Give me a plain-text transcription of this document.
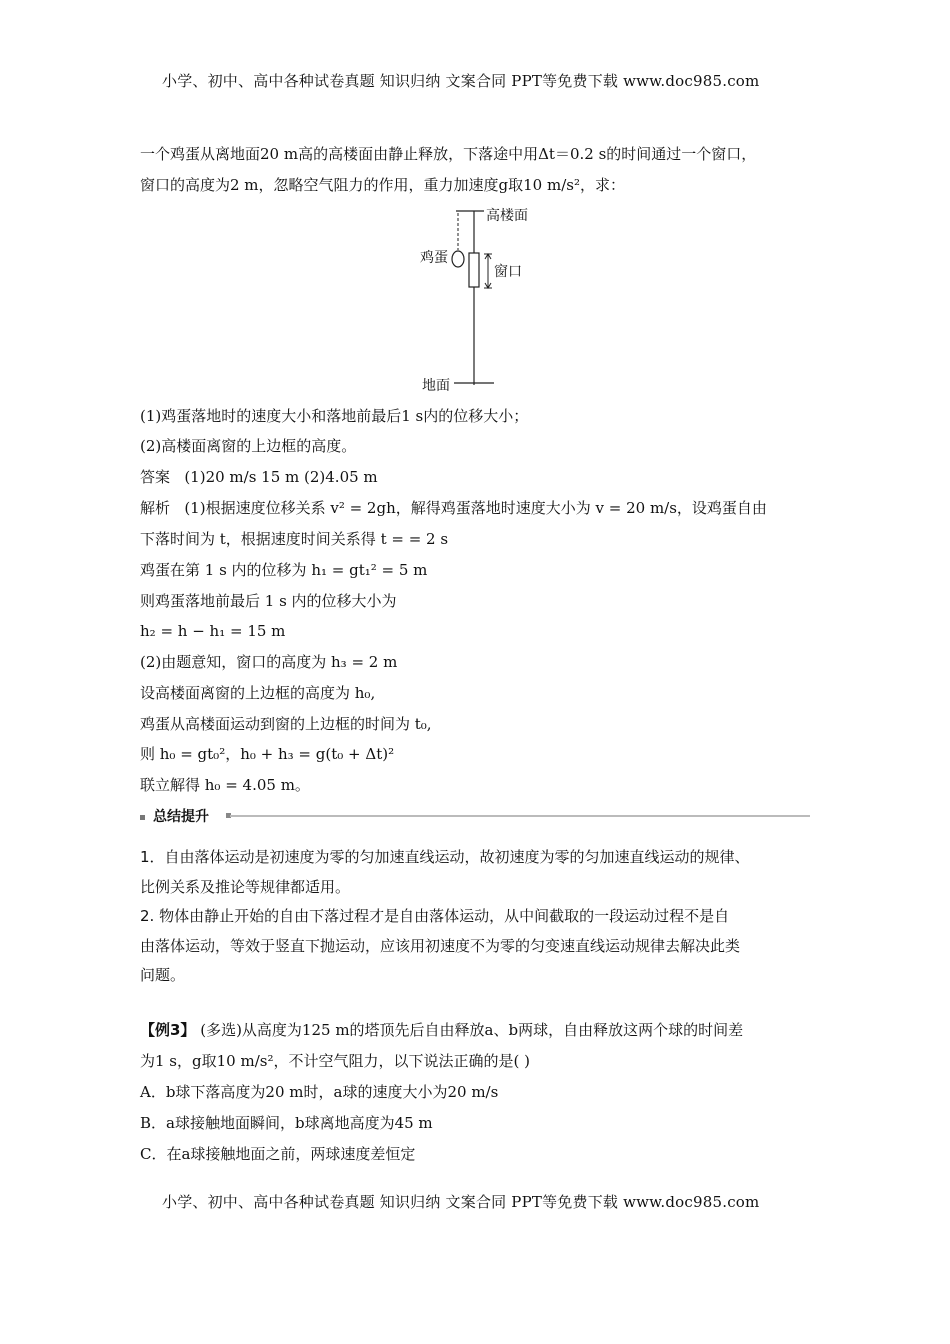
小学、初中、高中各种试卷真题 知识归纳 文案合同 PPT等免费下载 www.doc985.com
一个鸡蛋从离地面20 m高的高楼面由静止释放，下落途中用Δt＝0.2 s的时间通过一个窗口，
窗口的高度为2 m，忽略空气阻力的作用，重力加速度g取10 m/s²，求：
高楼面
鸡蛋
窗口
地面
(1)鸡蛋落地时的速度大小和落地前最后1 s内的位移大小；
(2)高楼面离窗的上边框的高度。
答案 (1)20 m/s 15 m (2)4.05 m
解析 (1)根据速度位移关系 v² = 2gh，解得鸡蛋落地时速度大小为 v = 20 m/s，设鸡蛋自由
下落时间为 t，根据速度时间关系得 t = = 2 s
鸡蛋在第 1 s 内的位移为 h₁ = gt₁² = 5 m
则鸡蛋落地前最后 1 s 内的位移大小为
h₂ = h − h₁ = 15 m
(2)由题意知，窗口的高度为 h₃ = 2 m
设高楼面离窗的上边框的高度为 h₀,
鸡蛋从高楼面运动到窗的上边框的时间为 t₀,
则 h₀ = gt₀²，h₀ + h₃ = g(t₀ + Δt)²
联立解得 h₀ = 4.05 m。
总结提升
1．自由落体运动是初速度为零的匀加速直线运动，故初速度为零的匀加速直线运动的规律、
比例关系及推论等规律都适用。
2. 物体由静止开始的自由下落过程才是自由落体运动，从中间截取的一段运动过程不是自
由落体运动，等效于竖直下抛运动，应该用初速度不为零的匀变速直线运动规律去解决此类
问题。
【例3】 (多选)从高度为125 m的塔顶先后自由释放a、b两球，自由释放这两个球的时间差
为1 s，g取10 m/s²，不计空气阻力，以下说法正确的是( )
A．b球下落高度为20 m时，a球的速度大小为20 m/s
B．a球接触地面瞬间，b球离地高度为45 m
C．在a球接触地面之前，两球速度差恒定
小学、初中、高中各种试卷真题 知识归纳 文案合同 PPT等免费下载 www.doc985.com
